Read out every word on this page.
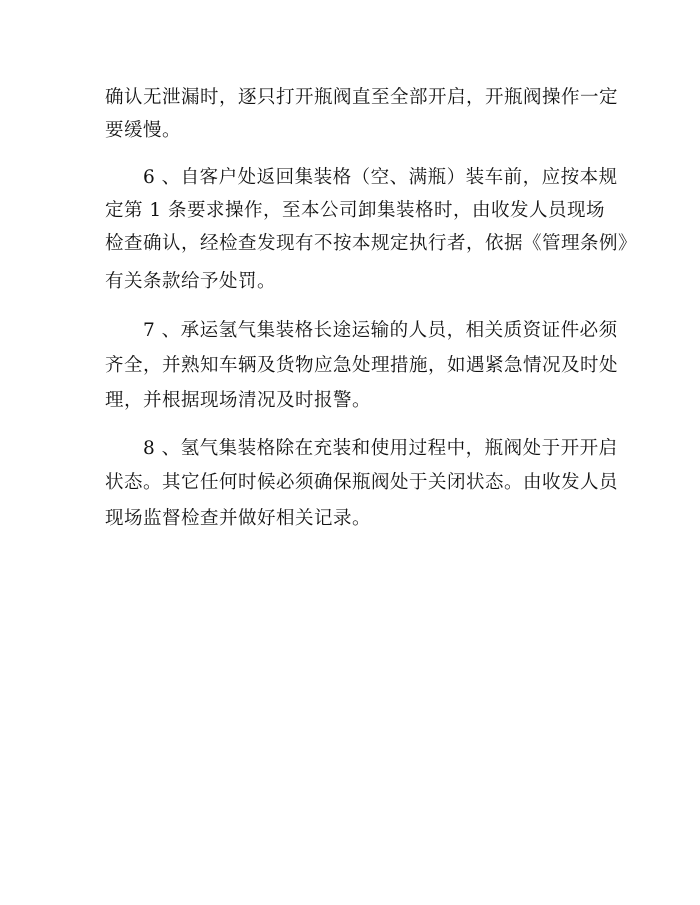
确认无泄漏时，逐只打开瓶阀直至全部开启，开瓶阀操作一定
要缓慢。
6 、自客户处返回集装格（空、满瓶）装车前，应按本规
定第 1 条要求操作，至本公司卸集装格时，由收发人员现场
检查确认，经检查发现有不按本规定执行者，依据《管理条例》
有关条款给予处罚。
7 、承运氢气集装格长途运输的人员，相关质资证件必须
齐全，并熟知车辆及货物应急处理措施，如遇紧急情况及时处
理，并根据现场清况及时报警。
8 、氢气集装格除在充装和使用过程中，瓶阀处于开开启
状态。其它任何时候必须确保瓶阀处于关闭状态。由收发人员
现场监督检查并做好相关记录。
